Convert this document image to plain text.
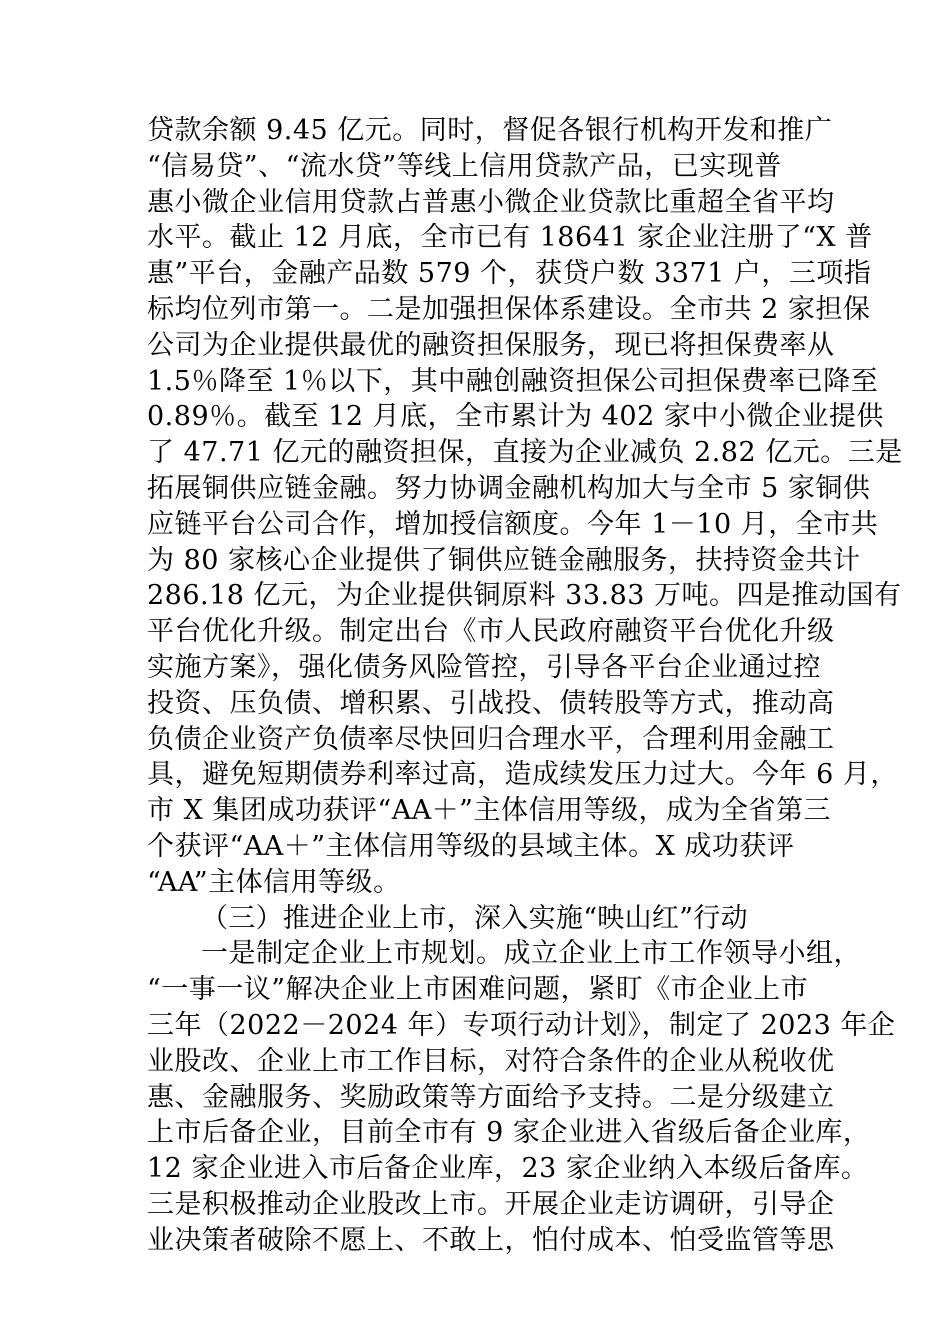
贷款余额 9.45 亿元。同时，督促各银行机构开发和推广
“信易贷”、“流水贷”等线上信用贷款产品，已实现普
惠小微企业信用贷款占普惠小微企业贷款比重超全省平均
水平。截止 12 月底，全市已有 18641 家企业注册了“X 普
惠”平台，金融产品数 579 个，获贷户数 3371 户，三项指
标均位列市第一。二是加强担保体系建设。全市共 2 家担保
公司为企业提供最优的融资担保服务，现已将担保费率从
1.5％降至 1％以下，其中融创融资担保公司担保费率已降至
0.89％。截至 12 月底，全市累计为 402 家中小微企业提供
了 47.71 亿元的融资担保，直接为企业减负 2.82 亿元。三是
拓展铜供应链金融。努力协调金融机构加大与全市 5 家铜供
应链平台公司合作，增加授信额度。今年 1－10 月，全市共
为 80 家核心企业提供了铜供应链金融服务，扶持资金共计
286.18 亿元，为企业提供铜原料 33.83 万吨。四是推动国有
平台优化升级。制定出台《市人民政府融资平台优化升级
实施方案》，强化债务风险管控，引导各平台企业通过控
投资、压负债、增积累、引战投、债转股等方式，推动高
负债企业资产负债率尽快回归合理水平，合理利用金融工
具，避免短期债券利率过高，造成续发压力过大。今年 6 月，
市 X 集团成功获评“AA＋”主体信用等级，成为全省第三
个获评“AA＋”主体信用等级的县域主体。X 成功获评
“AA”主体信用等级。
（三）推进企业上市，深入实施“映山红”行动
一是制定企业上市规划。成立企业上市工作领导小组，
“一事一议”解决企业上市困难问题，紧盯《市企业上市
三年（2022－2024 年）专项行动计划》，制定了 2023 年企
业股改、企业上市工作目标，对符合条件的企业从税收优
惠、金融服务、奖励政策等方面给予支持。二是分级建立
上市后备企业，目前全市有 9 家企业进入省级后备企业库，
12 家企业进入市后备企业库，23 家企业纳入本级后备库。
三是积极推动企业股改上市。开展企业走访调研，引导企
业决策者破除不愿上、不敢上，怕付成本、怕受监管等思
